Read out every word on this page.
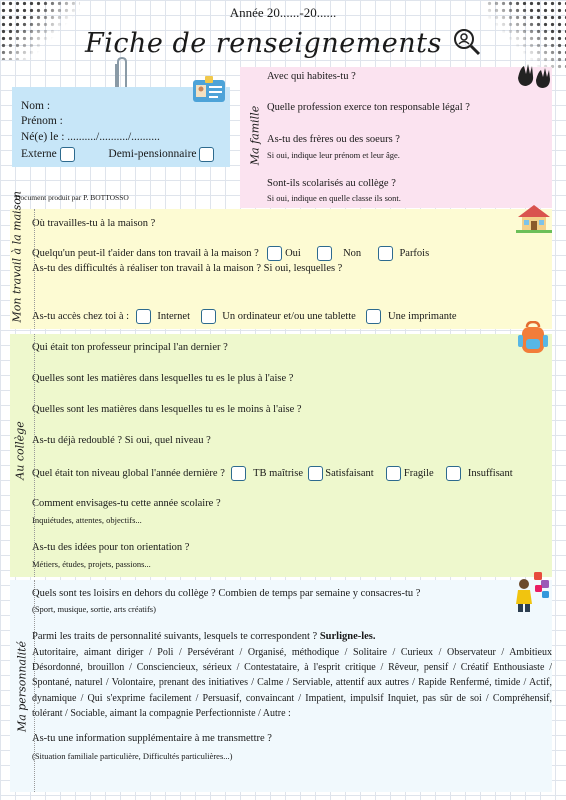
Année 20......-20......
Fiche de renseignements
Nom :
Prénom :
Né(e) le : ........../........../..........
Externe	Demi-pensionnaire
Document produit par P. BOTTOSSO
Ma famille
Avec qui habites-tu ?
Quelle profession exerce ton responsable légal ?
As-tu des frères ou des soeurs ?
Si oui, indique leur prénom et leur âge.
Sont-ils scolarisés au collège ?
Si oui, indique en quelle classe ils sont.
Mon travail à la maison Où travailles-tu à la maison ?
Quelqu'un peut-il t'aider dans ton travail à la maison ?	Oui	Non	Parfois
As-tu des difficultés à réaliser ton travail à la maison ? Si oui, lesquelles ?
As-tu accès chez toi à :	Internet	Un ordinateur et/ou une tablette	Une imprimante
Au collège
Qui était ton professeur principal l'an dernier ?
Quelles sont les matières dans lesquelles tu es le plus à l'aise ?
Quelles sont les matières dans lesquelles tu es le moins à l'aise ?
As-tu déjà redoublé ? Si oui, quel niveau ?
Quel était ton niveau global l'année dernière ?	TB maîtrise Satisfaisant	Fragile	Insuffisant
Comment envisages-tu cette année scolaire ?
Inquiétudes, attentes, objectifs...
As-tu des idées pour ton orientation ?
Métiers, études, projets, passions...
Ma personnalité
Quels sont tes loisirs en dehors du collège ? Combien de temps par semaine y consacres-tu ?
(Sport, musique, sortie, arts créatifs)
Parmi les traits de personnalité suivants, lesquels te correspondent ? Surligne-les.
Autoritaire, aimant diriger / Poli / Persévérant / Organisé, méthodique / Solitaire / Curieux / Observateur / Ambitieux Désordonné, brouillon / Consciencieux, sérieux / Contestataire, à l'esprit critique / Rêveur, pensif / Créatif Enthousiaste / Spontané, naturel / Volontaire, prenant des initiatives / Calme / Serviable, attentif aux autres / Rapide Renfermé, timide / Actif, dynamique / Qui s'exprime facilement / Persuasif, convaincant / Impatient, impulsif Inquiet, pas sûr de soi / Compréhensif, tolérant / Sociable, aimant la compagnie Perfectionniste / Autre :
As-tu une information supplémentaire à me transmettre ?
(Situation familiale particulière, Difficultés particulières...)
